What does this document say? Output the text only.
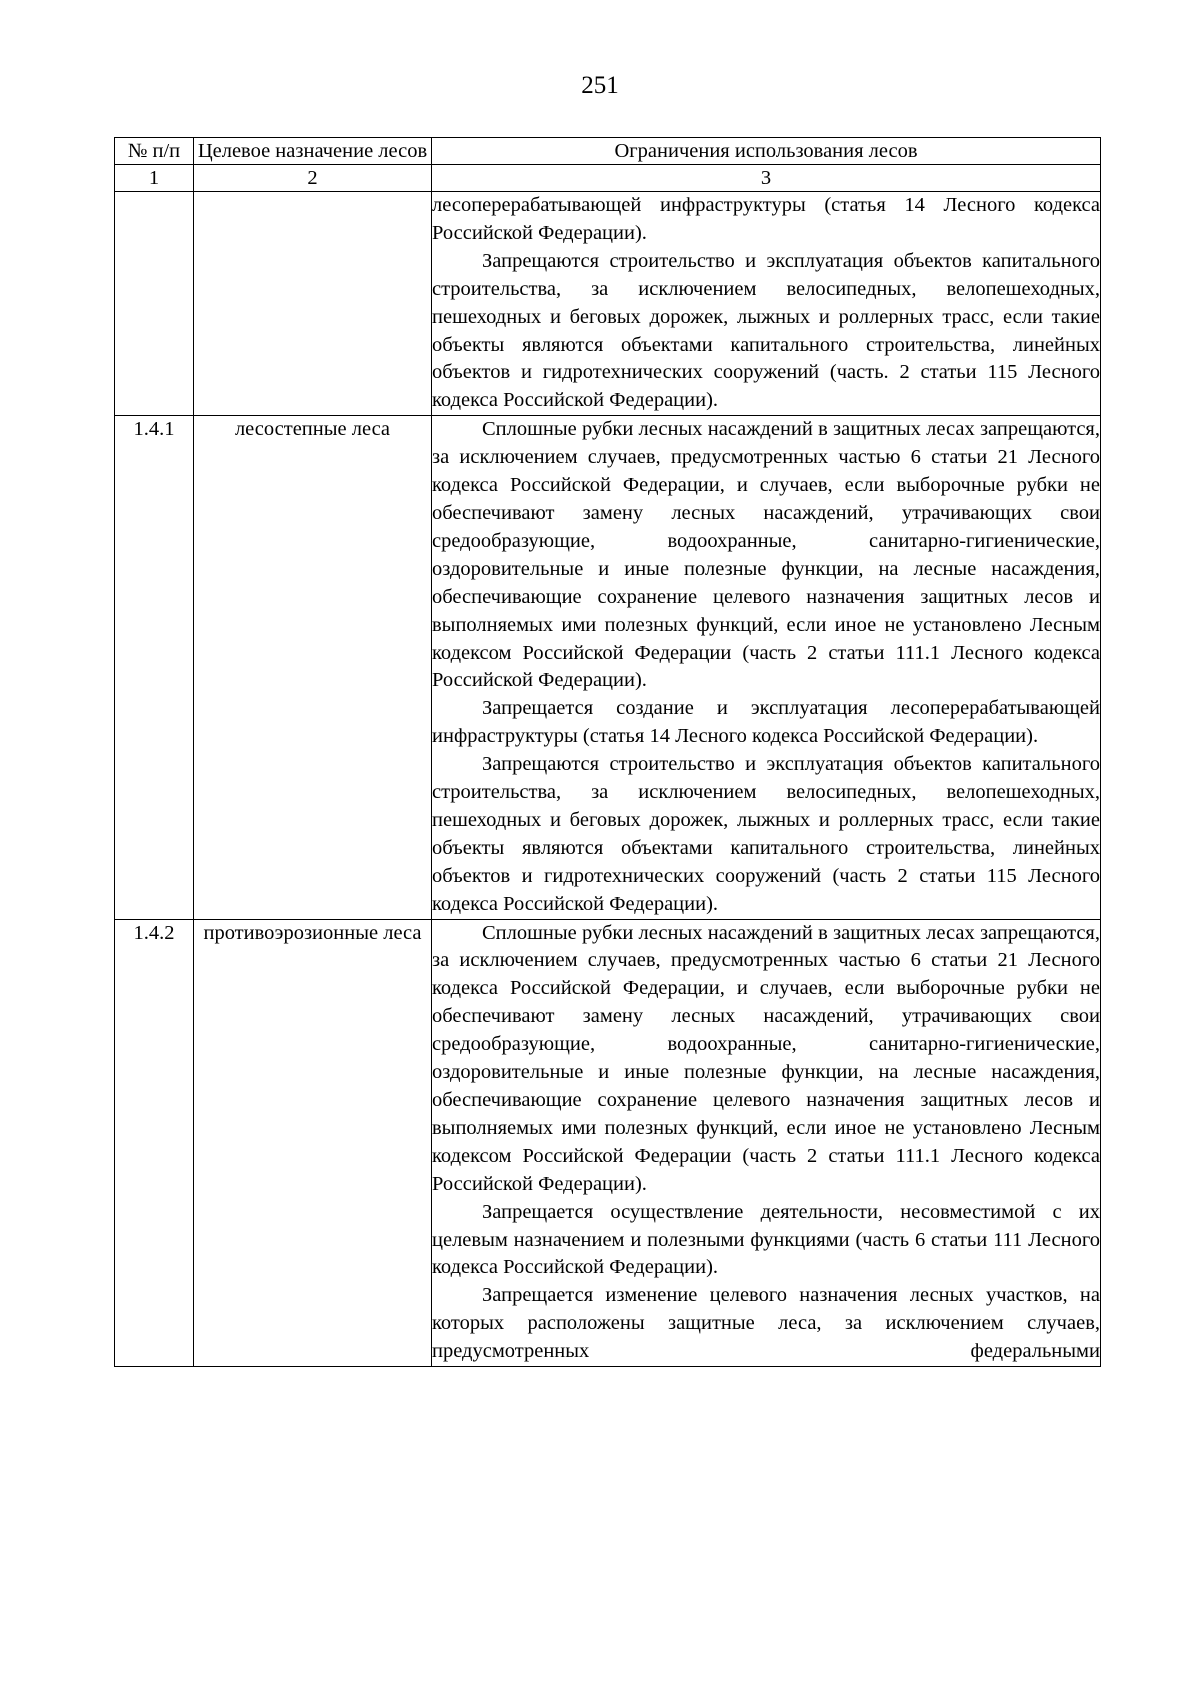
251
№ п/п	Целевое назначение лесов	Ограничения использования лесов
1	2	3

		лесоперерабатывающей инфраструктуры (статья 14 Лесного кодекса Российской Федерации).

Запрещаются строительство и эксплуатация объектов капитального строительства, за исключением велосипедных, велопешеходных, пешеходных и беговых дорожек, лыжных и роллерных трасс, если такие объекты являются объектами капитального строительства, линейных объектов и гидротехнических сооружений (часть. 2 статьи 115 Лесного кодекса Российской Федерации).

1.4.1	лесостепные леса	Сплошные рубки лесных насаждений в защитных лесах запрещаются, за исключением случаев, предусмотренных частью 6 статьи 21 Лесного кодекса Российской Федерации, и случаев, если выборочные рубки не обеспечивают замену лесных насаждений, утрачивающих свои средообразующие, водоохранные, санитарно-гигиенические, оздоровительные и иные полезные функции, на лесные насаждения, обеспечивающие сохранение целевого назначения защитных лесов и выполняемых ими полезных функций, если иное не установлено Лесным кодексом Российской Федерации (часть 2 статьи 111.1 Лесного кодекса Российской Федерации).

Запрещается создание и эксплуатация лесоперерабатывающей инфраструктуры (статья 14 Лесного кодекса Российской Федерации).

Запрещаются строительство и эксплуатация объектов капитального строительства, за исключением велосипедных, велопешеходных, пешеходных и беговых дорожек, лыжных и роллерных трасс, если такие объекты являются объектами капитального строительства, линейных объектов и гидротехнических сооружений (часть 2 статьи 115 Лесного кодекса Российской Федерации).

1.4.2	противоэрозионные леса	Сплошные рубки лесных насаждений в защитных лесах запрещаются, за исключением случаев, предусмотренных частью 6 статьи 21 Лесного кодекса Российской Федерации, и случаев, если выборочные рубки не обеспечивают замену лесных насаждений, утрачивающих свои средообразующие, водоохранные, санитарно-гигиенические, оздоровительные и иные полезные функции, на лесные насаждения, обеспечивающие сохранение целевого назначения защитных лесов и выполняемых ими полезных функций, если иное не установлено Лесным кодексом Российской Федерации (часть 2 статьи 111.1 Лесного кодекса Российской Федерации).

Запрещается осуществление деятельности, несовместимой с их целевым назначением и полезными функциями (часть 6 статьи 111 Лесного кодекса Российской Федерации).

Запрещается изменение целевого назначения лесных участков, на которых расположены защитные леса, за исключением случаев, предусмотренных федеральными
